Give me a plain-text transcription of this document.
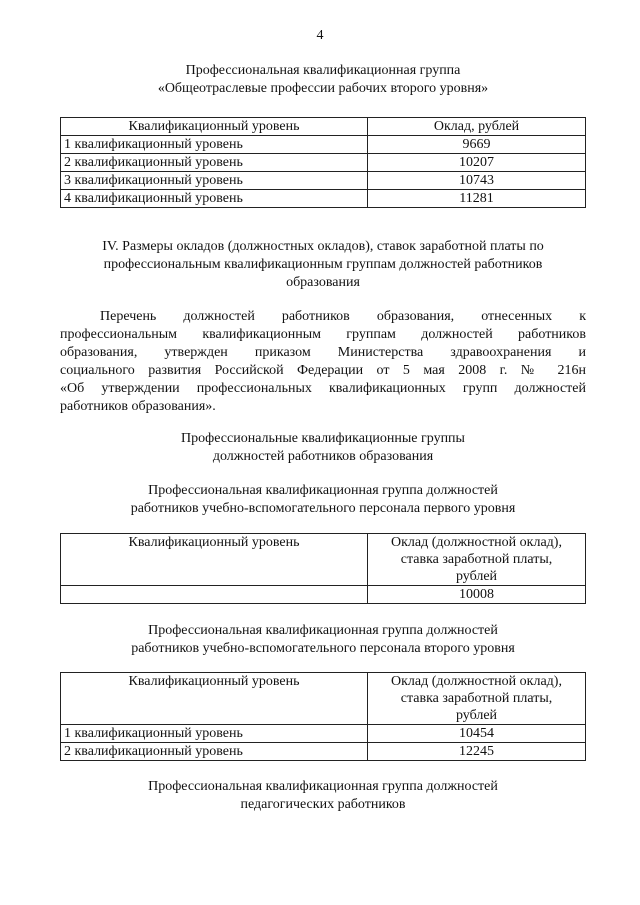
4
Профессиональная квалификационная группа
«Общеотраслевые профессии рабочих второго уровня»
Квалификационный уровень	Оклад, рублей
1 квалификационный уровень	9669
2 квалификационный уровень	10207
3 квалификационный уровень	10743
4 квалификационный уровень	11281
IV. Размеры окладов (должностных окладов), ставок заработной платы по
профессиональным квалификационным группам должностей работников
образования
Перечень должностей работников образования, отнесенных к
профессиональным квалификационным группам должностей работников
образования, утвержден приказом Министерства здравоохранения и
социального развития Российской Федерации от 5 мая 2008 г. № 216н
«Об утверждении профессиональных квалификационных групп должностей
работников образования».
Профессиональные квалификационные группы
должностей работников образования
Профессиональная квалификационная группа должностей
работников учебно-вспомогательного персонала первого уровня
Квалификационный уровень	Оклад (должностной оклад),
ставка заработной платы,
рублей

	10008
Профессиональная квалификационная группа должностей
работников учебно-вспомогательного персонала второго уровня
Квалификационный уровень	Оклад (должностной оклад),
ставка заработной платы,
рублей

1 квалификационный уровень	10454
2 квалификационный уровень	12245
Профессиональная квалификационная группа должностей
педагогических работников
